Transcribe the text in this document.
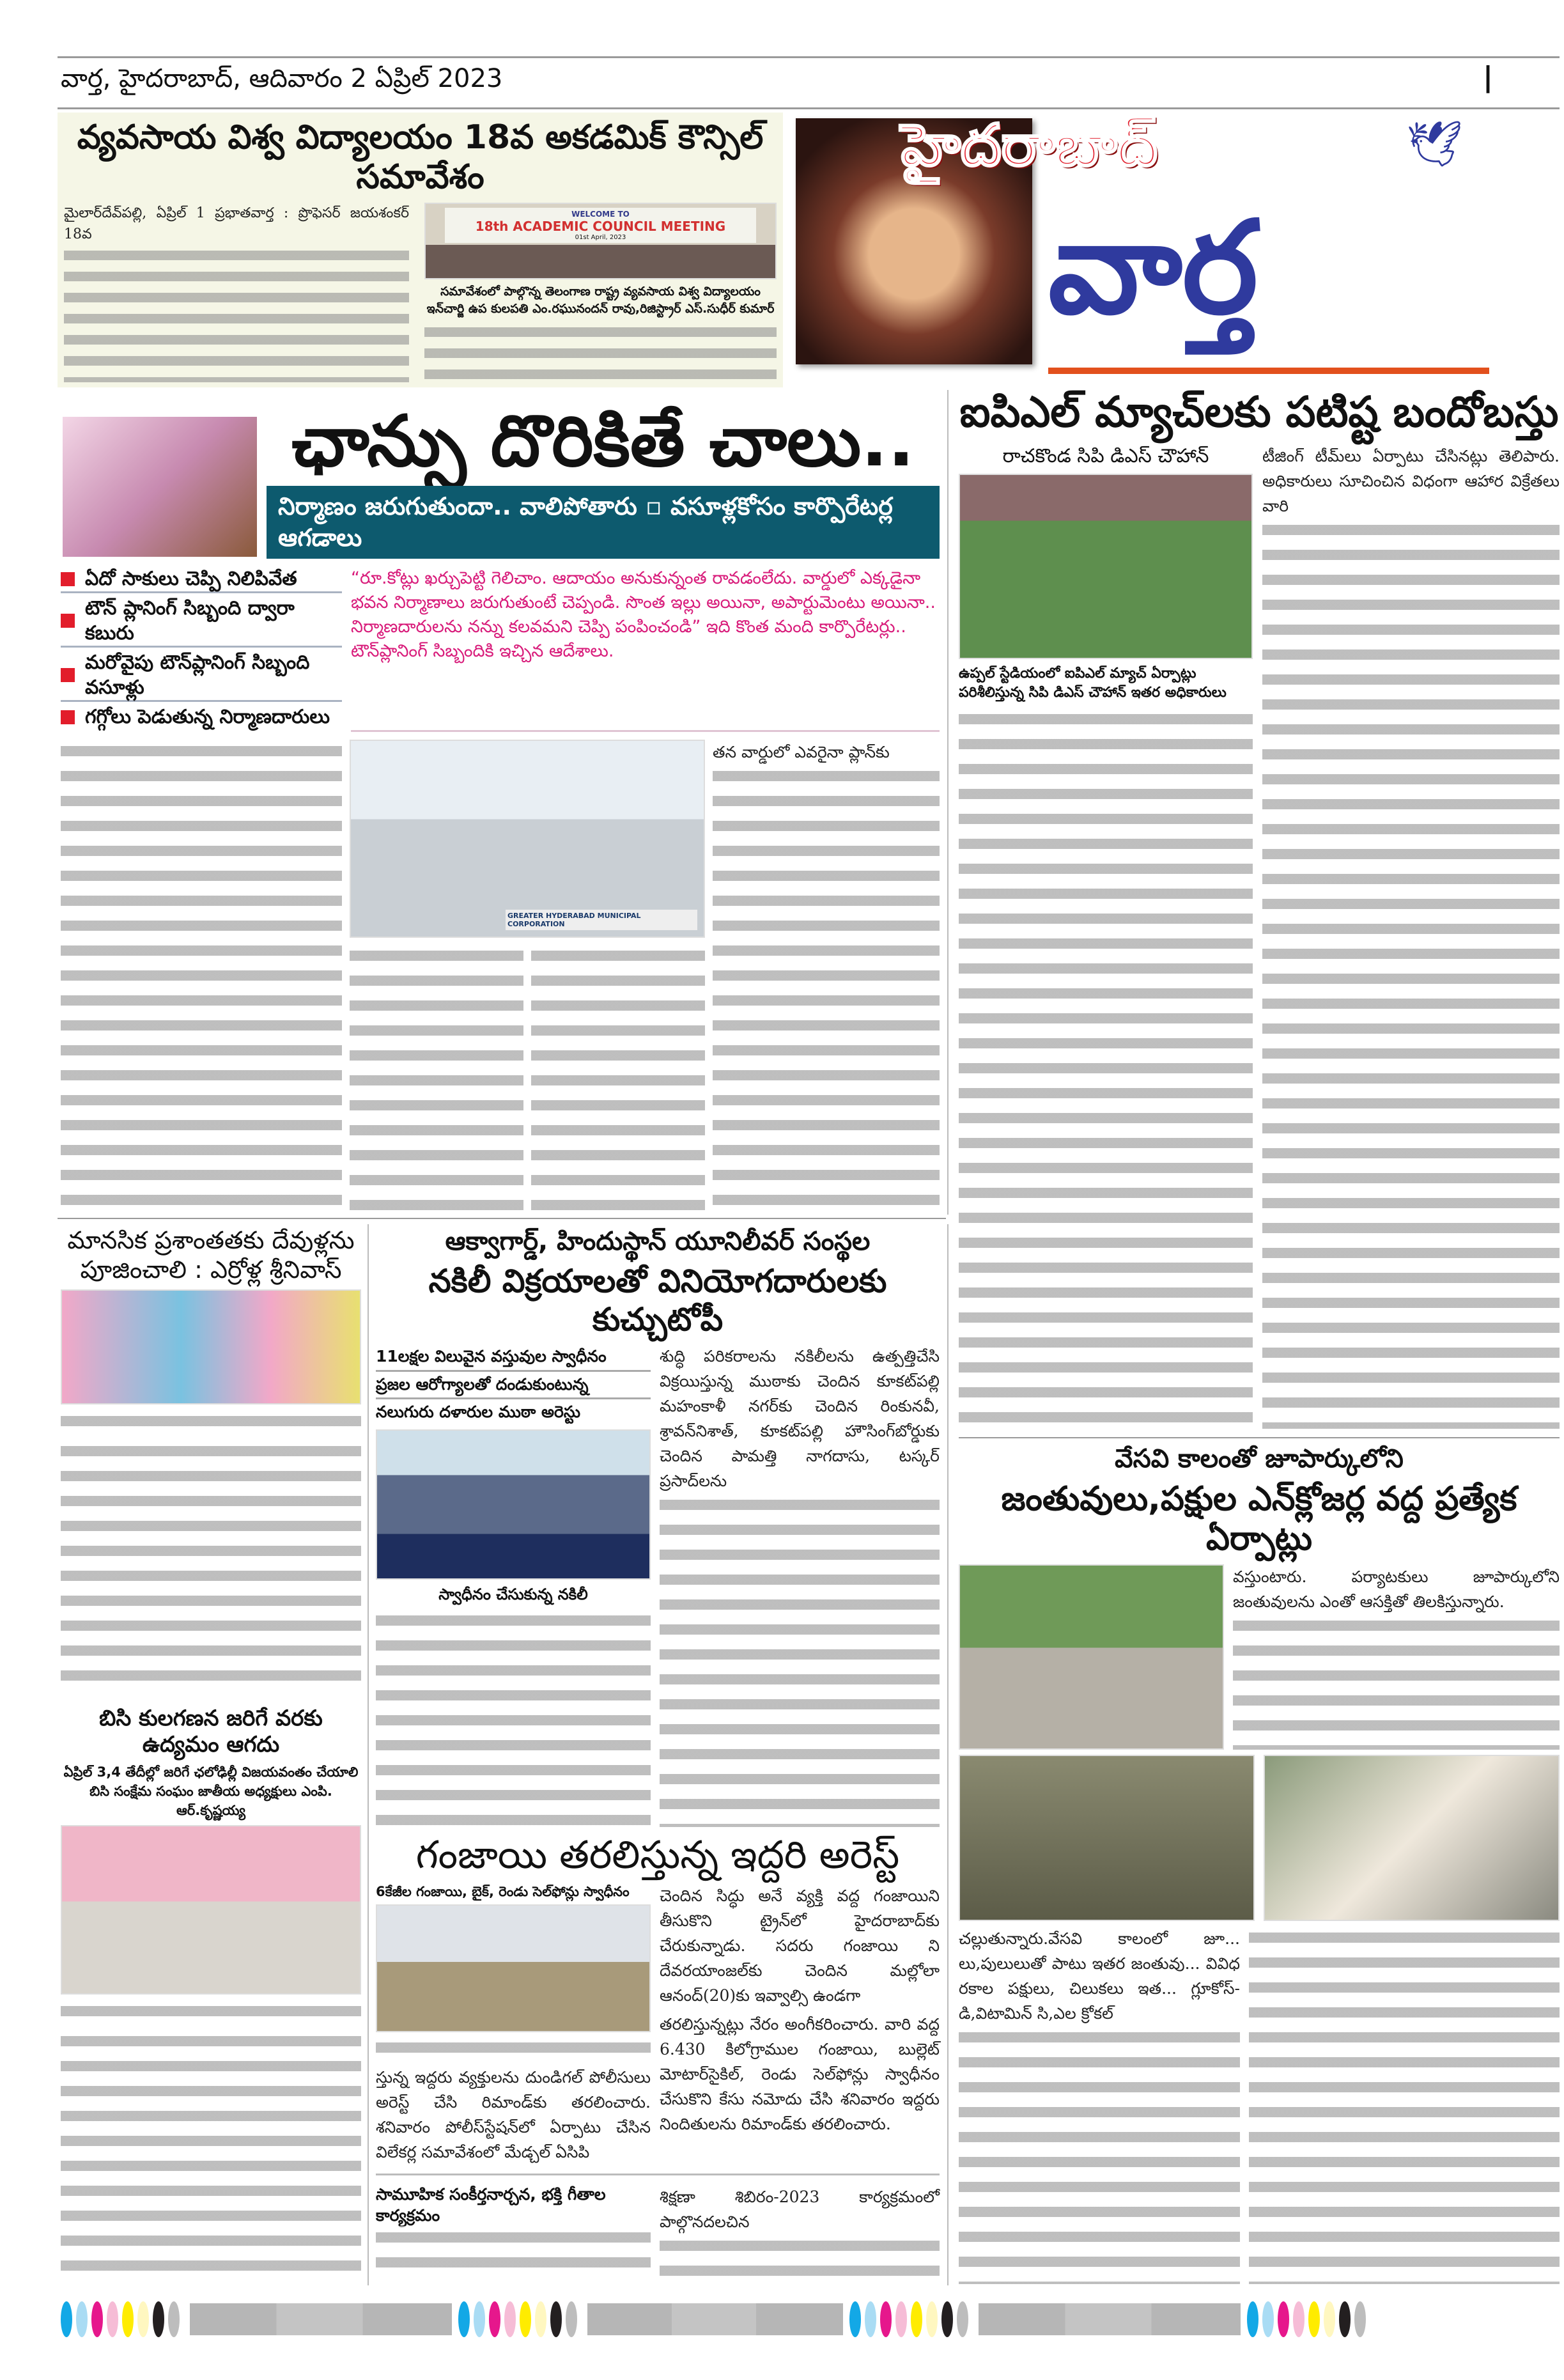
వార్త, హైదరాబాద్, ఆదివారం 2 ఏప్రిల్ 2023	|
వ్యవసాయ విశ్వ విద్యాలయం 18వ అకడమిక్ కౌన్సిల్ సమావేశం
మైలార్‌దేవ్‌పల్లి, ఏప్రిల్ 1 ప్రభాతవార్త : ప్రొఫెసర్ జయశంకర్ 18వ
WELCOME TO
18th ACADEMIC COUNCIL MEETING
01st April, 2023
సమావేశంలో పాల్గొన్న తెలంగాణ రాష్ట్ర వ్యవసాయ విశ్వ విద్యాలయం ఇన్‌చార్జి ఉప కులపతి ఎం.రఘునందన్ రావు,రిజిస్ట్రార్ ఎస్.సుధీర్ కుమార్
హైదరాబాద్	🕊
వార్త
ఛాన్సు దొరికితే చాలు..
నిర్మాణం జరుగుతుందా.. వాలిపోతారు ▫ వసూళ్లకోసం కార్పొరేటర్ల ఆగడాలు
ఏదో సాకులు చెప్పి నిలిపివేత
టౌన్ ప్లానింగ్ సిబ్బంది ద్వారా కబురు
మరోవైపు టౌన్‌ప్లానింగ్ సిబ్బంది వసూళ్లు
గగ్గోలు పెడుతున్న నిర్మాణదారులు
“రూ.కోట్లు ఖర్చుపెట్టి గెలిచాం. ఆదాయం అనుకున్నంత రావడంలేదు. వార్డులో ఎక్కడైనా భవన నిర్మాణాలు జరుగుతుంటే చెప్పండి. సొంత ఇల్లు అయినా, అపార్టుమెంటు అయినా.. నిర్మాణదారులను నన్ను కలవమని చెప్పి పంపించండి” ఇది కొంత మంది కార్పొరేటర్లు.. టౌన్‌ప్లానింగ్ సిబ్బందికి ఇచ్చిన ఆదేశాలు.
GREATER HYDERABAD MUNICIPAL CORPORATION
తన వార్డులో ఎవరైనా ప్లాన్‌కు
ఐపిఎల్ మ్యాచ్‌లకు పటిష్ట బందోబస్తు
రాచకొండ సిపి డిఎస్ చౌహాన్
ఉప్పల్ స్టేడియంలో ఐపిఎల్ మ్యాచ్ ఏర్పాట్లు పరిశీలిస్తున్న సిపి డిఎస్ చౌహాన్ ఇతర అధికారులు
టీజింగ్ టీమ్‌లు ఏర్పాటు చేసినట్లు తెలిపారు. అధికారులు సూచించిన విధంగా ఆహార విక్రేతలు వారి
మానసిక ప్రశాంతతకు దేవుళ్లను పూజించాలి : ఎర్రోళ్ల శ్రీనివాస్
బిసి కులగణన జరిగే వరకు ఉద్యమం ఆగదు
ఏప్రిల్ 3,4 తేదీల్లో జరిగే ఛలోఢిల్లీ విజయవంతం చేయాలి
బిసి సంక్షేమ సంఘం జాతీయ అధ్యక్షులు ఎంపి. ఆర్.కృష్ణయ్య
ఆక్వాగార్డ్, హిందుస్థాన్ యూనిలీవర్ సంస్థల
నకిలీ విక్రయాలతో వినియోగదారులకు కుచ్చుటోపీ
11లక్షల విలువైన వస్తువుల స్వాధీనం
ప్రజల ఆరోగ్యాలతో దండుకుంటున్న
నలుగురు దళారుల ముఠా అరెస్టు
స్వాధీనం చేసుకున్న నకిలీ
శుద్ధి పరికరాలను నకిలీలను ఉత్పత్తిచేసి విక్రయిస్తున్న ముఠాకు చెందిన కూకట్‌పల్లి మహంకాళీ నగర్‌కు చెందిన రింకునవీ, శ్రావన్‌నిశాత్, కూకట్‌పల్లి హౌసింగ్‌బోర్డుకు చెందిన పామత్తి నాగదాసు, టస్కర్ ప్రసాద్‌లను
గంజాయి తరలిస్తున్న ఇద్దరి అరెస్ట్
6కేజీల గంజాయి, బైక్, రెండు సెల్‌ఫోన్లు స్వాధీనం
స్తున్న ఇద్దరు వ్యక్తులను దుండిగల్ పోలీసులు అరెస్ట్ చేసి రిమాండ్‌కు తరలించారు. శనివారం పోలీస్‌స్టేషన్‌లో ఏర్పాటు చేసిన విలేకర్ల సమావేశంలో మేడ్చల్ ఏసిపి
చెందిన సిద్ధు అనే వ్యక్తి వద్ద గంజాయిని తీసుకొని ట్రైన్‌లో హైదరాబాద్‌కు చేరుకున్నాడు. సదరు గంజాయి ని దేవరయాంజల్‌కు చెందిన మల్లోలా ఆనంద్(20)కు ఇవ్వాల్సి ఉండగా
తరలిస్తున్నట్లు నేరం అంగీకరించారు. వారి వద్ద 6.430 కిలోగ్రాముల గంజాయి, బుల్లెట్ మోటార్‌సైకిల్, రెండు సెల్‌ఫోన్లు స్వాధీనం చేసుకొని కేసు నమోదు చేసి శనివారం ఇద్దరు నిందితులను రిమాండ్‌కు తరలించారు.
సామూహిక సంకీర్తనార్చన, భక్తి గీతాల కార్యక్రమం
శిక్షణా శిబిరం-2023 కార్యక్రమంలో పాల్గొనదలచిన
వేసవి కాలంతో జూపార్కులోని
జంతువులు,పక్షుల ఎన్‌క్లోజర్ల వద్ద ప్రత్యేక ఏర్పాట్లు
వస్తుంటారు. పర్యాటకులు జూపార్కులోని జంతువులను ఎంతో ఆసక్తితో తిలకిస్తున్నారు.
చల్లుతున్నారు.వేసవి కాలంలో జూ... లు,పులులుతో పాటు ఇతర జంతువు... వివిధ రకాల పక్షులు, చిలుకలు ఇత... గ్లూకోస్-డి,విటామిన్ సి,ఎల క్రోకల్
